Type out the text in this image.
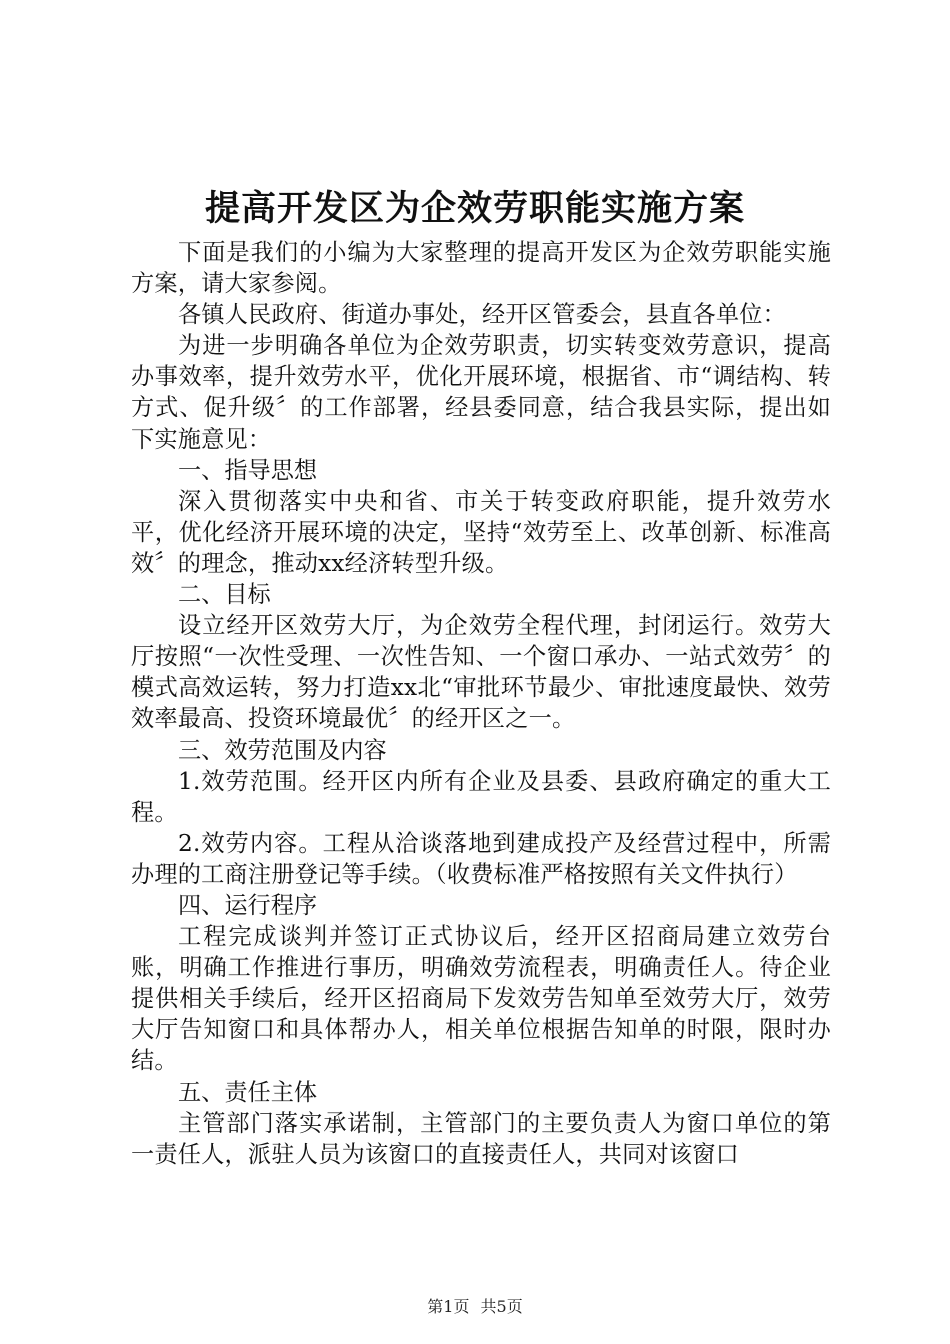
提高开发区为企效劳职能实施方案

下面是我们的小编为大家整理的提高开发区为企效劳职能实施方案，请大家参阅。

各镇人民政府、街道办事处，经开区管委会，县直各单位：

为进一步明确各单位为企效劳职责，切实转变效劳意识，提高办事效率，提升效劳水平，优化开展环境，根据省、市“调结构、转方式、促升级〞的工作部署，经县委同意，结合我县实际，提出如下实施意见：

一、指导思想

深入贯彻落实中央和省、市关于转变政府职能，提升效劳水平，优化经济开展环境的决定，坚持“效劳至上、改革创新、标准高效〞的理念，推动xx经济转型升级。

二、目标

设立经开区效劳大厅，为企效劳全程代理，封闭运行。效劳大厅按照“一次性受理、一次性告知、一个窗口承办、一站式效劳〞的模式高效运转，努力打造xx北“审批环节最少、审批速度最快、效劳效率最高、投资环境最优〞的经开区之一。

三、效劳范围及内容

1.效劳范围。经开区内所有企业及县委、县政府确定的重大工程。

2.效劳内容。工程从洽谈落地到建成投产及经营过程中，所需办理的工商注册登记等手续。（收费标准严格按照有关文件执行）

四、运行程序

工程完成谈判并签订正式协议后，经开区招商局建立效劳台账，明确工作推进行事历，明确效劳流程表，明确责任人。待企业提供相关手续后，经开区招商局下发效劳告知单至效劳大厅，效劳大厅告知窗口和具体帮办人，相关单位根据告知单的时限，限时办结。

五、责任主体

主管部门落实承诺制，主管部门的主要负责人为窗口单位的第一责任人，派驻人员为该窗口的直接责任人，共同对该窗口

第1页 共5页
